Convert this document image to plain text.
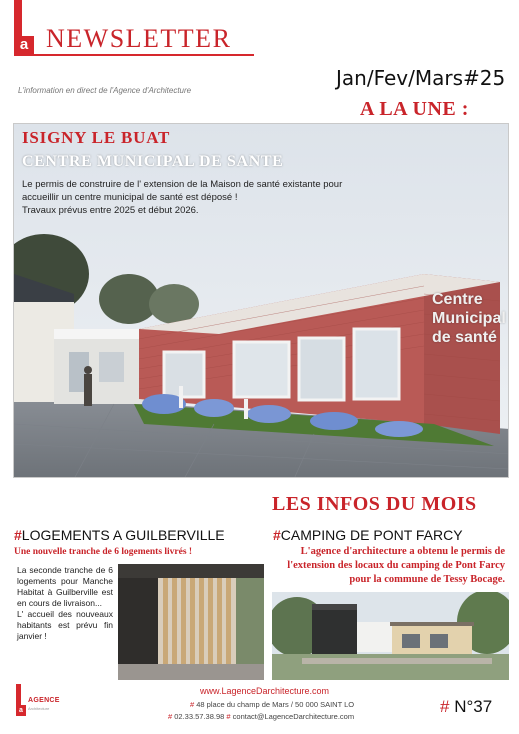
a NEWSLETTER
L'information en direct de l'Agence d'Architecture
Jan/Fev/Mars#25
A LA UNE :
ISIGNY LE BUAT
CENTRE MUNICIPAL DE SANTE
Le permis de construire de l' extension de la Maison de santé existante pour accueillir un centre municipal de santé est déposé !
Travaux prévus entre 2025 et début 2026.
Centre
Municipal
de santé
LES INFOS DU MOIS
#LOGEMENTS A GUILBERVILLE
Une nouvelle tranche de 6 logements livrés !

La seconde tranche de 6 logements pour Manche Habitat à Guilberville est en cours de livraison...

L' accueil des nouveaux habitants est prévu fin janvier !

#CAMPING DE PONT FARCY
L'agence d'architecture a obtenu le permis de l'extension des locaux du camping de Pont Farcy pour la commune de Tessy Bocage.
a
AGENCE
Architecture
www.LagenceDarchitecture.com
# 48 place du champ de Mars / 50 000 SAINT LO
# 02.33.57.38.98 # contact@LagenceDarchitecture.com
# N°37
